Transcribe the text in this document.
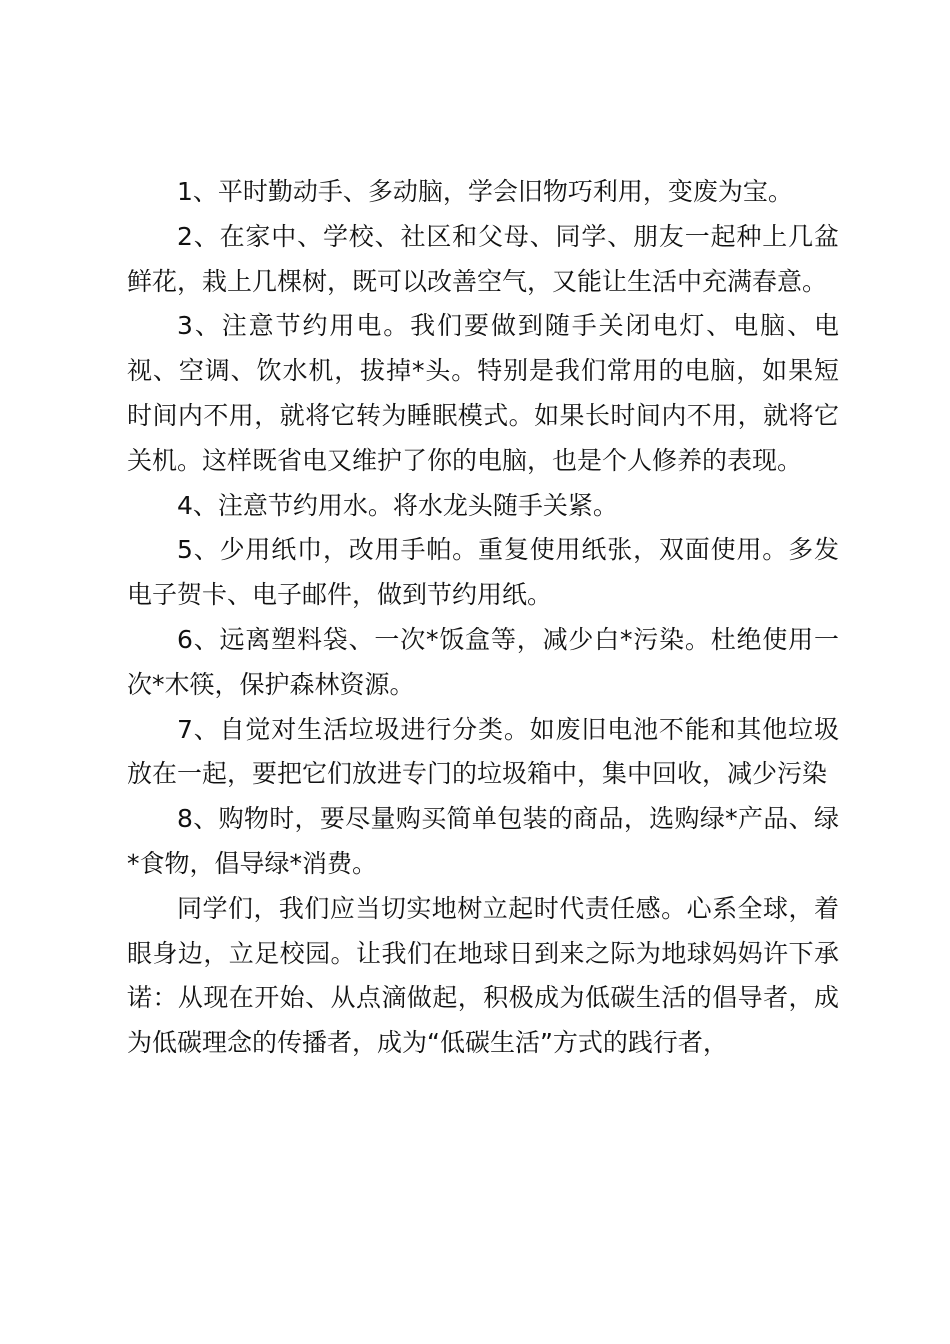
1、平时勤动手、多动脑，学会旧物巧利用，变废为宝。

2、在家中、学校、社区和父母、同学、朋友一起种上几盆鲜花，栽上几棵树，既可以改善空气，又能让生活中充满春意。

3、注意节约用电。我们要做到随手关闭电灯、电脑、电视、空调、饮水机，拔掉*头。特别是我们常用的电脑，如果短时间内不用，就将它转为睡眠模式。如果长时间内不用，就将它关机。这样既省电又维护了你的电脑，也是个人修养的表现。

4、注意节约用水。将水龙头随手关紧。

5、少用纸巾，改用手帕。重复使用纸张，双面使用。多发电子贺卡、电子邮件，做到节约用纸。

6、远离塑料袋、一次*饭盒等，减少白*污染。杜绝使用一次*木筷，保护森林资源。

7、自觉对生活垃圾进行分类。如废旧电池不能和其他垃圾放在一起，要把它们放进专门的垃圾箱中，集中回收，减少污染

8、购物时，要尽量购买简单包装的商品，选购绿*产品、绿*食物，倡导绿*消费。

同学们，我们应当切实地树立起时代责任感。心系全球，着眼身边，立足校园。让我们在地球日到来之际为地球妈妈许下承诺：从现在开始、从点滴做起，积极成为低碳生活的倡导者，成为低碳理念的传播者，成为“低碳生活”方式的践行者，
